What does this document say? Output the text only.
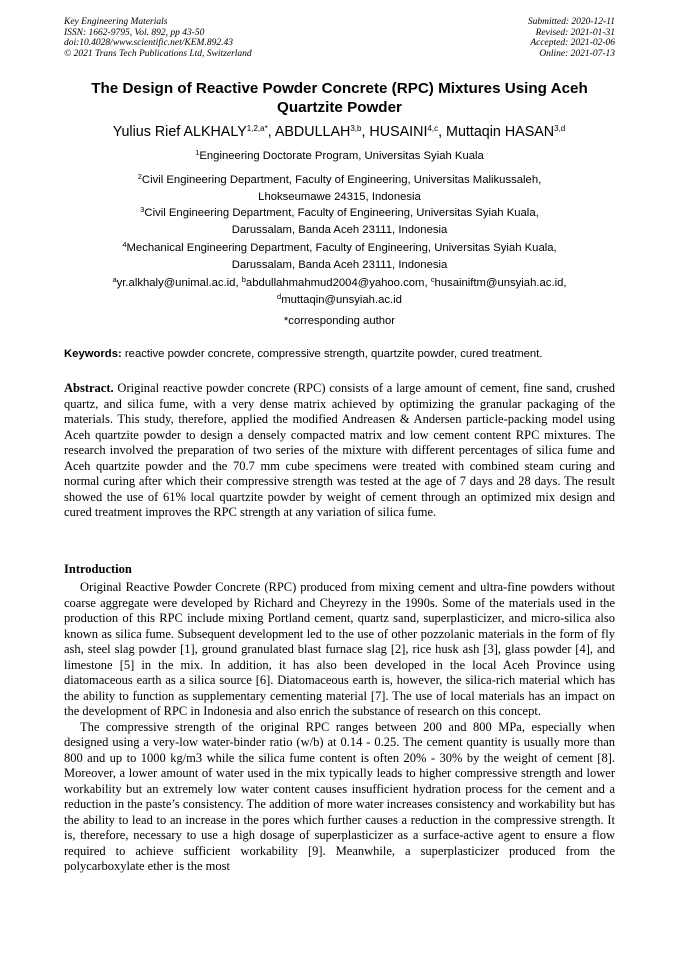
Key Engineering Materials
ISSN: 1662-9795, Vol. 892, pp 43-50
doi:10.4028/www.scientific.net/KEM.892.43
© 2021 Trans Tech Publications Ltd, Switzerland
Submitted: 2020-12-11
Revised: 2021-01-31
Accepted: 2021-02-06
Online: 2021-07-13
The Design of Reactive Powder Concrete (RPC) Mixtures Using Aceh Quartzite Powder
Yulius Rief $ALKHALY^{1,2,a*}$, ABDULLAH$^{3,b}$, HUSAINI$^{4,c}$, Muttaqin HASAN$^{3,d}$
$^1$Engineering Doctorate Program, Universitas Syiah Kuala
$^2$Civil Engineering Department, Faculty of Engineering, Universitas Malikussaleh,
Lhokseumawe 24315, Indonesia
$^3$Civil Engineering Department, Faculty of Engineering, Universitas Syiah Kuala,
Darussalam, Banda Aceh 23111, Indonesia
$^4$Mechanical Engineering Department, Faculty of Engineering, Universitas Syiah Kuala,
Darussalam, Banda Aceh 23111, Indonesia
$^a$yr.alkhaly@unimal.ac.id, $^b$abdullahmahmud2004@yahoo.com, $^c$husainiftm@unsyiah.ac.id,
$^d$muttaqin@unsyiah.ac.id
*corresponding author
Keywords: reactive powder concrete, compressive strength, quartzite powder, cured treatment.
Abstract. Original reactive powder concrete (RPC) consists of a large amount of cement, fine sand, crushed quartz, and silica fume, with a very dense matrix achieved by optimizing the granular packaging of the materials. This study, therefore, applied the modified Andreasen & Andersen particle-packing model using Aceh quartzite powder to design a densely compacted matrix and low cement content RPC mixtures. The research involved the preparation of two series of the mixture with different percentages of silica fume and Aceh quartzite powder and the 70.7 mm cube specimens were treated with combined steam curing and normal curing after which their compressive strength was tested at the age of 7 days and 28 days. The result showed the use of 61% local quartzite powder by weight of cement through an optimized mix design and cured treatment improves the RPC strength at any variation of silica fume.
Introduction

Original Reactive Powder Concrete (RPC) produced from mixing cement and ultra-fine powders without coarse aggregate were developed by Richard and Cheyrezy in the 1990s. Some of the materials used in the production of this RPC include mixing Portland cement, quartz sand, superplasticizer, and micro-silica also known as silica fume. Subsequent development led to the use of other pozzolanic materials in the form of fly ash, steel slag powder [1], ground granulated blast furnace slag [2], rice husk ash [3], glass powder [4], and limestone [5] in the mix. In addition, it has also been developed in the local Aceh Province using diatomaceous earth as a silica source [6]. Diatomaceous earth is, however, the silica-rich material which has the ability to function as supplementary cementing material [7]. The use of local materials has an impact on the development of RPC in Indonesia and also enrich the substance of research on this concept.

The compressive strength of the original RPC ranges between 200 and 800 MPa, especially when designed using a very-low water-binder ratio (w/b) at 0.14 - 0.25. The cement quantity is usually more than 800 and up to 1000 kg/m3 while the silica fume content is often 20% - 30% by the weight of cement [8]. Moreover, a lower amount of water used in the mix typically leads to higher compressive strength and lower workability but an extremely low water content causes insufficient hydration process for the cement and a reduction in the paste’s consistency. The addition of more water increases consistency and workability but has the ability to lead to an increase in the pores which further causes a reduction in the compressive strength. It is, therefore, necessary to use a high dosage of superplasticizer as a surface-active agent to ensure a flow required to achieve sufficient workability [9]. Meanwhile, a superplasticizer produced from the polycarboxylate ether is the most
